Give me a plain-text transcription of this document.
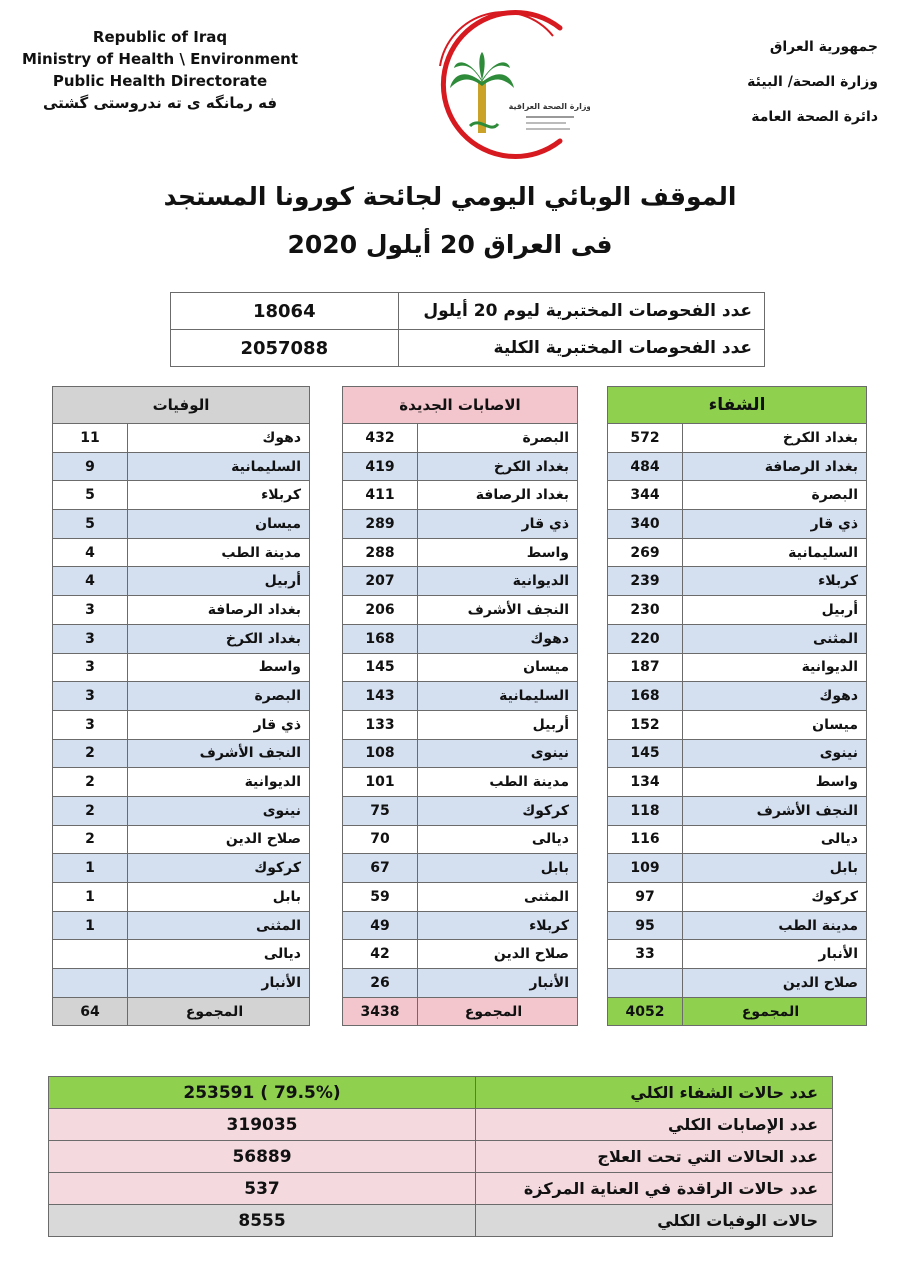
Republic of Iraq
Ministry of Health \ Environment
Public Health Directorate
فه رمانگه ى ته ندروستى گشتى	وزارة الصحة العراقية
جمهورية العراق
وزارة الصحة/ البيئة
دائرة الصحة العامة
الموقف الوبائي اليومي لجائحة كورونا المستجد
فى العراق 20 أيلول 2020
18064	عدد الفحوصات المختبرية ليوم 20 أيلول
2057088	عدد الفحوصات المختبرية الكلية
الوفيات	
11	دهوك
9	السليمانية
5	كربلاء
5	ميسان
4	مدينة الطب
4	أربيل
3	بغداد الرصافة
3	بغداد الكرخ
3	واسط
3	البصرة
3	ذي قار
2	النجف الأشرف
2	الديوانية
2	نينوى
2	صلاح الدين
1	كركوك
1	بابل
1	المثنى
	ديالى
	الأنبار
64	المجموع
الاصابات الجديدة	
432	البصرة
419	بغداد الكرخ
411	بغداد الرصافة
289	ذي قار
288	واسط
207	الديوانية
206	النجف الأشرف
168	دهوك
145	ميسان
143	السليمانية
133	أربيل
108	نينوى
101	مدينة الطب
75	كركوك
70	ديالى
67	بابل
59	المثنى
49	كربلاء
42	صلاح الدين
26	الأنبار
3438	المجموع
الشفاء	
572	بغداد الكرخ
484	بغداد الرصافة
344	البصرة
340	ذي قار
269	السليمانية
239	كربلاء
230	أربيل
220	المثنى
187	الديوانية
168	دهوك
152	ميسان
145	نينوى
134	واسط
118	النجف الأشرف
116	ديالى
109	بابل
97	كركوك
95	مدينة الطب
33	الأنبار
	صلاح الدين
4052	المجموع
253591 ( 79.5%)	عدد حالات الشفاء الكلي
319035	عدد الإصابات الكلي
56889	عدد الحالات التي تحت العلاج
537	عدد حالات الراقدة في العناية المركزة
8555	حالات الوفيات الكلي
